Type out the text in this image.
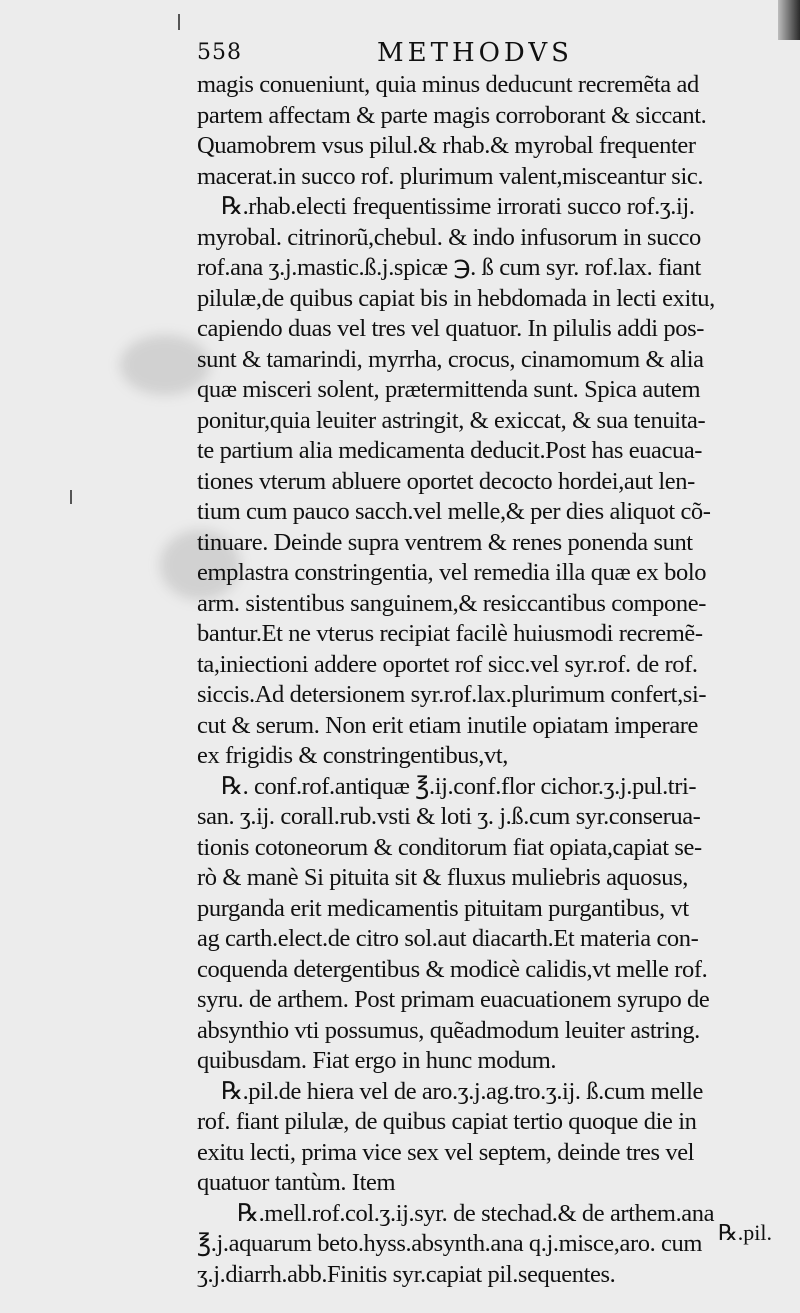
558	METHODVS
magis conueniunt, quia minus deducunt recremẽta ad
partem affectam & parte magis corroborant & siccant.
Quamobrem vsus pilul.& rhab.& myrobal frequenter
macerat.in succo rof. plurimum valent,misceantur sic.
℞.rhab.electi frequentissime irrorati succo rof.ʒ.ij.
myrobal. citrinorũ,chebul. & indo infusorum in succo
rof.ana ʒ.j.mastic.ß.j.spicæ ℈. ß cum syr. rof.lax. fiant
pilulæ,de quibus capiat bis in hebdomada in lecti exitu,
capiendo duas vel tres vel quatuor. In pilulis addi pos-
sunt & tamarindi, myrrha, crocus, cinamomum & alia
quæ misceri solent, prætermittenda sunt. Spica autem
ponitur,quia leuiter astringit, & exiccat, & sua tenuita-
te partium alia medicamenta deducit.Post has euacua-
tiones vterum abluere oportet decocto hordei,aut len-
tium cum pauco sacch.vel melle,& per dies aliquot cõ-
tinuare. Deinde supra ventrem & renes ponenda sunt
emplastra constringentia, vel remedia illa quæ ex bolo
arm. sistentibus sanguinem,& resiccantibus compone-
bantur.Et ne vterus recipiat facilè huiusmodi recremẽ-
ta,iniectioni addere oportet rof sicc.vel syr.rof. de rof.
siccis.Ad detersionem syr.rof.lax.plurimum confert,si-
cut & serum. Non erit etiam inutile opiatam imperare
ex frigidis & constringentibus,vt,
℞. conf.rof.antiquæ ℥.ij.conf.flor cichor.ʒ.j.pul.tri-
san. ʒ.ij. corall.rub.vsti & loti ʒ. j.ß.cum syr.conserua-
tionis cotoneorum & conditorum fiat opiata,capiat se-
rò & manè Si pituita sit & fluxus muliebris aquosus,
purganda erit medicamentis pituitam purgantibus, vt
ag carth.elect.de citro sol.aut diacarth.Et materia con-
coquenda detergentibus & modicè calidis,vt melle rof.
syru. de arthem. Post primam euacuationem syrupo de
absynthio vti possumus, quẽadmodum leuiter astring.
quibusdam. Fiat ergo in hunc modum.
℞.pil.de hiera vel de aro.ʒ.j.ag.tro.ʒ.ij. ß.cum melle
rof. fiant pilulæ, de quibus capiat tertio quoque die in
exitu lecti, prima vice sex vel septem, deinde tres vel
quatuor tantùm. Item
℞.mell.rof.col.ʒ.ij.syr. de stechad.& de arthem.ana
℥.j.aquarum beto.hyss.absynth.ana q.j.misce,aro. cum
ʒ.j.diarrh.abb.Finitis syr.capiat pil.sequentes.
℞.pil.
